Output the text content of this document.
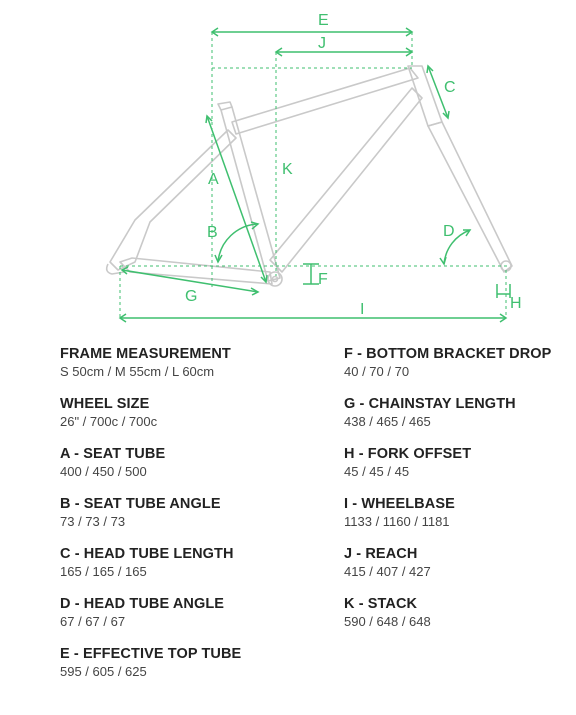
E
J
C
K
A
B	D
F
G	H
I
FRAME MEASUREMENT
S 50cm / M 55cm / L 60cm
WHEEL SIZE
26" / 700c / 700c
A - SEAT TUBE
400 / 450 / 500
B - SEAT TUBE ANGLE
73 / 73 / 73
C - HEAD TUBE LENGTH
165 / 165 / 165
D - HEAD TUBE ANGLE
67 / 67 / 67
E - EFFECTIVE TOP TUBE
595 / 605 / 625
F - BOTTOM BRACKET DROP
40 / 70 / 70
G - CHAINSTAY LENGTH
438 / 465 / 465
H - FORK OFFSET
45 / 45 / 45
I - WHEELBASE
1133 / 1160 / 1181
J - REACH
415 / 407 / 427
K - STACK
590 / 648 / 648
